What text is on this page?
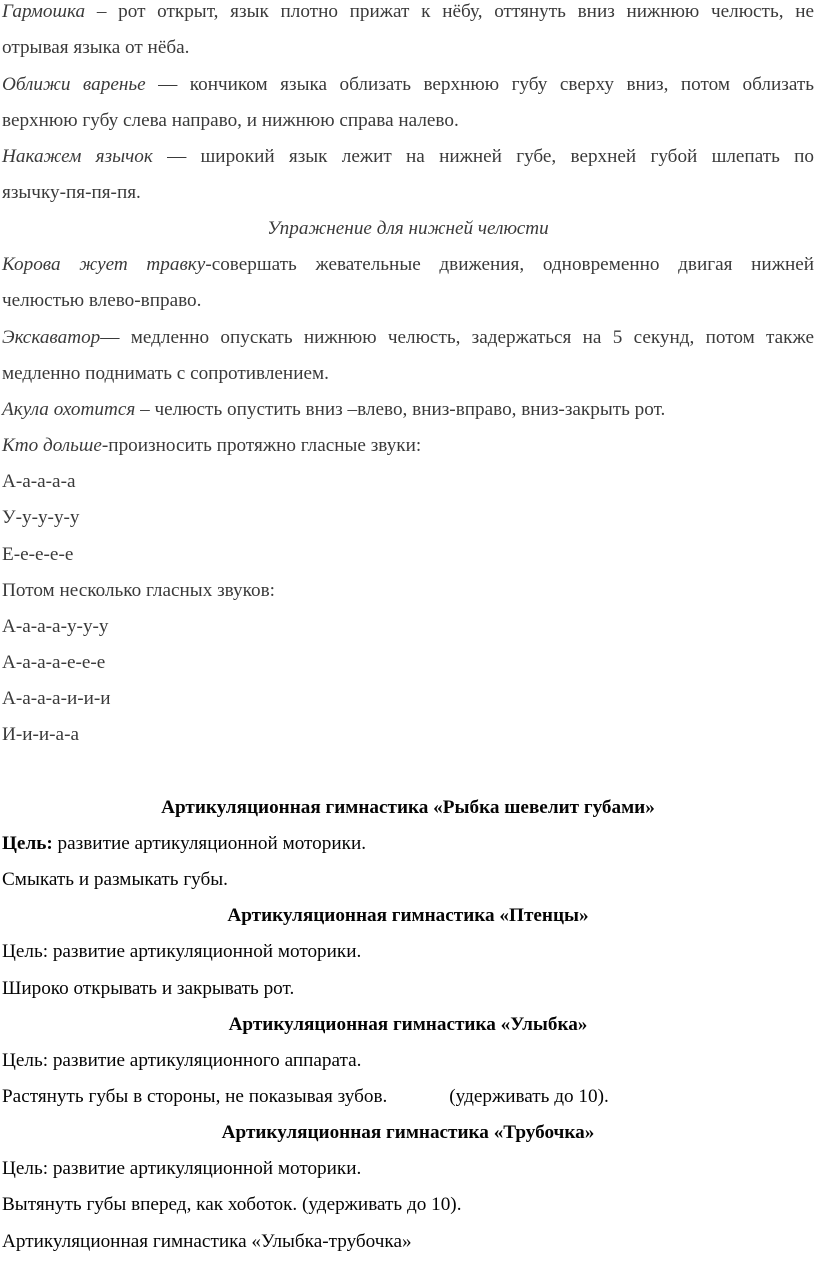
Гармошка – рот открыт, язык плотно прижат к нёбу, оттянуть вниз нижнюю челюсть, не
отрывая языка от нёба.
Оближи варенье — кончиком языка облизать верхнюю губу сверху вниз, потом облизать
верхнюю губу слева направо, и нижнюю справа налево.
Накажем язычок — широкий язык лежит на нижней губе, верхней губой шлепать по
язычку-пя-пя-пя.
Упражнение для нижней челюсти
Корова жует травку-совершать жевательные движения, одновременно двигая нижней
челюстью влево-вправо.
Экскаватор— медленно опускать нижнюю челюсть, задержаться на 5 секунд, потом также
медленно поднимать с сопротивлением.
Акула охотится – челюсть опустить вниз –влево, вниз-вправо, вниз-закрыть рот.
Кто дольше-произносить протяжно гласные звуки:
А-а-а-а-а
У-у-у-у-у
Е-е-е-е-е
Потом несколько гласных звуков:
А-а-а-а-у-у-у
А-а-а-а-е-е-е
А-а-а-а-и-и-и
И-и-и-а-а
Артикуляционная гимнастика «Рыбка шевелит губами»
Цель: развитие артикуляционной моторики.
Смыкать и размыкать губы.
Артикуляционная гимнастика «Птенцы»
Цель: развитие артикуляционной моторики.
Широко открывать и закрывать рот.
Артикуляционная гимнастика «Улыбка»
Цель: развитие артикуляционного аппарата.
Растянуть губы в стороны, не показывая зубов.	(удерживать до 10).
Артикуляционная гимнастика «Трубочка»
Цель: развитие артикуляционной моторики.
Вытянуть губы вперед, как хоботок. (удерживать до 10).
Артикуляционная гимнастика «Улыбка-трубочка»
